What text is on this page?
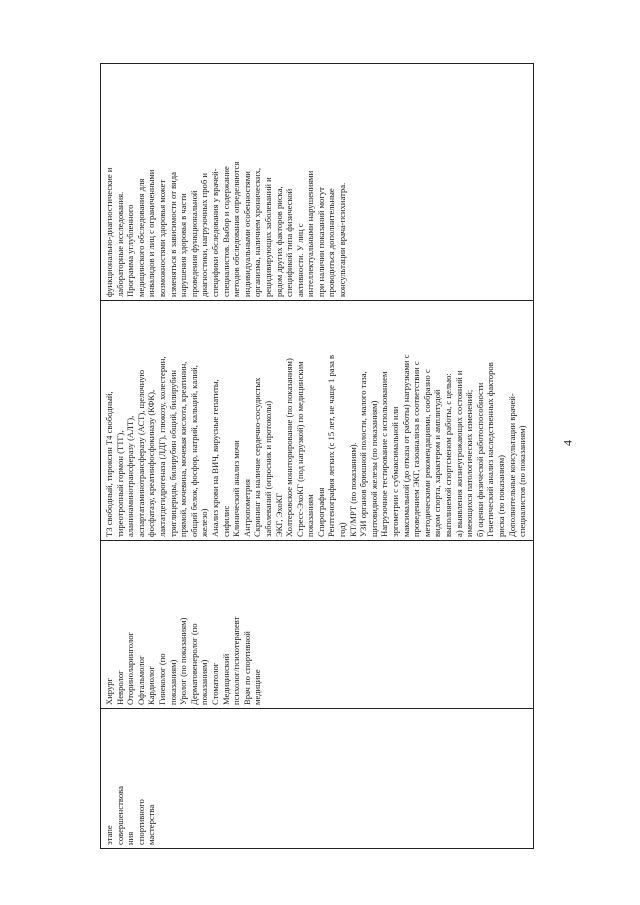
4
этапе совершенствова ния спортивного мастерства

Хирург Невролог Оториноларинголог Офтальмолог Кардиолог Гинеколог (по показаниям) Уролог (по показаниям) Дерматовенеролог (по показаниям) Стоматолог Медицинский психолог/психотерапевт Врач по спортивной медицине

Т3 свободный, тироксин Т4 свободный, тиреотропный гормон (ТТГ), аланинаминотрансферазу (АЛТ), аспартатаминотрансферазу (АСТ), щелочную фосфатазу, креатинфосфокиназу (КФК), лактатдегидрогеназа (ЛДГ), глюкозу, холестерин, триглицериды, билирубин общий, билирубин прямой, мочевина, мочевая кислота, креатинин, общий белок, фосфор, натрий, кальций, калий, железо) Анализ крови на ВИЧ, вирусные гепатиты, сифилис Клинический анализ мочи Антропометрия Скрининг на наличие сердечно-сосудистых заболеваний (опросник и протоколы) ЭКГ, ЭхоКГ Холтеровское мониторирование (по показаниям) Стресс-ЭхоКГ (под нагрузкой) по медицинским показаниям Спирография Рентгенография легких (с 15 лет, не чаще 1 раза в год) КТ/МРТ (по показаниям). УЗИ органов брюшной полости, малого таза, щитовидной железы (по показаниям) Нагрузочное тестирование с использованием эргометрии с субмаксимальной или максимальной (до отказа от работы) нагрузками с проведением ЭКГ, газоанализа в соответствии с методическими рекомендациями, сообразно с видом спорта, характером и амплитудой выполняемой спортсменом работы, с целью: а) выявления жизнеугрожающих состояний и имеющихся патологических изменений; б) оценки физической работоспособности Генетический анализ наследственных факторов риска (по показаниям) Дополнительные консультации врачей- специалистов (по показаниям)

функционально-диагностические и лабораторные исследования. Программа углубленного медицинского обследования для инвалидов и лиц с ограниченными возможностями здоровья может изменяться в зависимости от вида нарушения здоровья в части проведения функциональной диагностики, нагрузочных проб и специфики обследования у врачей- специалистов. Выбор и содержание методов обследования определяются индивидуальными особенностями организма, наличием хронических, рецидивирующих заболеваний и рядом других факторов риска, спецификой типа физической активности. У лиц с интеллектуальными нарушениями при наличии показаний могут проводиться дополнительные консультации врача-психиатра.
